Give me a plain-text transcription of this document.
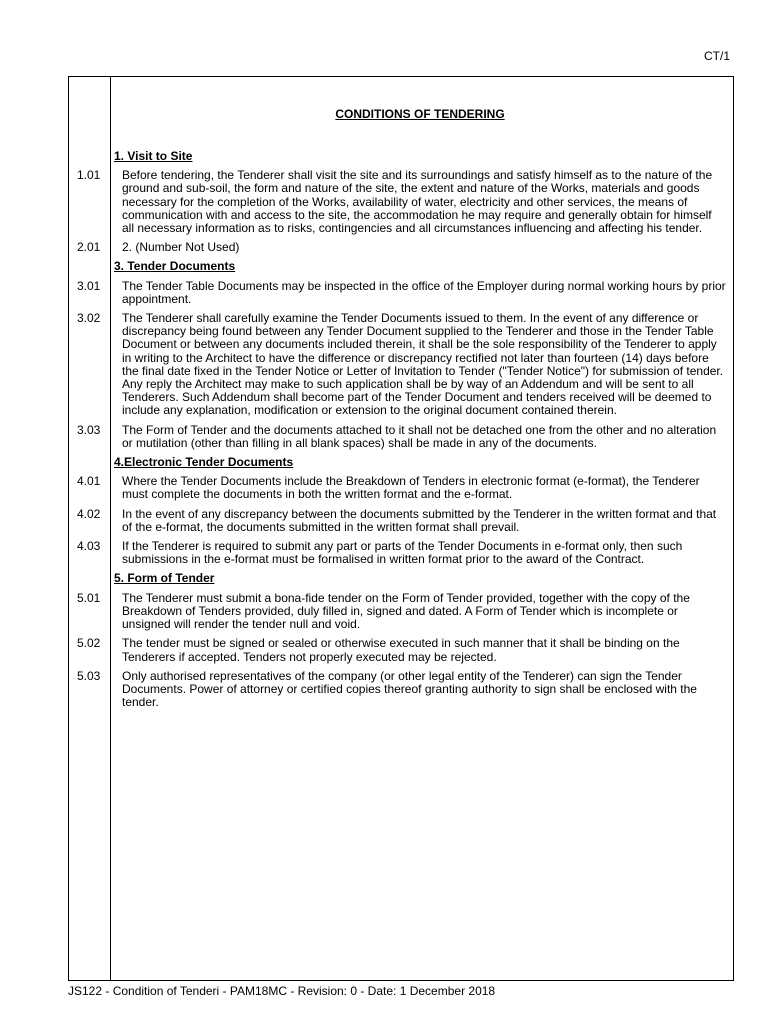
CT/1
CONDITIONS OF TENDERING
1. Visit to Site
1.01	Before tendering, the Tenderer shall visit the site and its surroundings and satisfy himself as to the nature of the ground and sub-soil, the form and nature of the site, the extent and nature of the Works, materials and goods necessary for the completion of the Works, availability of water, electricity and other services, the means of communication with and access to the site, the accommodation he may require and generally obtain for himself all necessary information as to risks, contingencies and all circumstances influencing and affecting his tender.
2.01	2. (Number Not Used)
3. Tender Documents
3.01	The Tender Table Documents may be inspected in the office of the Employer during normal working hours by prior appointment.
3.02	The Tenderer shall carefully examine the Tender Documents issued to them. In the event of any difference or discrepancy being found between any Tender Document supplied to the Tenderer and those in the Tender Table Document or between any documents included therein, it shall be the sole responsibility of the Tenderer to apply in writing to the Architect to have the difference or discrepancy rectified not later than fourteen (14) days before the final date fixed in the Tender Notice or Letter of Invitation to Tender ("Tender Notice") for submission of tender. Any reply the Architect may make to such application shall be by way of an Addendum and will be sent to all Tenderers. Such Addendum shall become part of the Tender Document and tenders received will be deemed to include any explanation, modification or extension to the original document contained therein.
3.03	The Form of Tender and the documents attached to it shall not be detached one from the other and no alteration or mutilation (other than filling in all blank spaces) shall be made in any of the documents.
4.Electronic Tender Documents
4.01	Where the Tender Documents include the Breakdown of Tenders in electronic format (e-format), the Tenderer must complete the documents in both the written format and the e-format.
4.02	In the event of any discrepancy between the documents submitted by the Tenderer in the written format and that of the e-format, the documents submitted in the written format shall prevail.
4.03	If the Tenderer is required to submit any part or parts of the Tender Documents in e-format only, then such submissions in the e-format must be formalised in written format prior to the award of the Contract.
5. Form of Tender
5.01	The Tenderer must submit a bona-fide tender on the Form of Tender provided, together with the copy of the Breakdown of Tenders provided, duly filled in, signed and dated. A Form of Tender which is incomplete or unsigned will render the tender null and void.
5.02	The tender must be signed or sealed or otherwise executed in such manner that it shall be binding on the Tenderers if accepted. Tenders not properly executed may be rejected.
5.03	Only authorised representatives of the company (or other legal entity of the Tenderer) can sign the Tender Documents. Power of attorney or certified copies thereof granting authority to sign shall be enclosed with the tender.
JS122 - Condition of Tenderi - PAM18MC - Revision: 0 - Date: 1 December 2018
